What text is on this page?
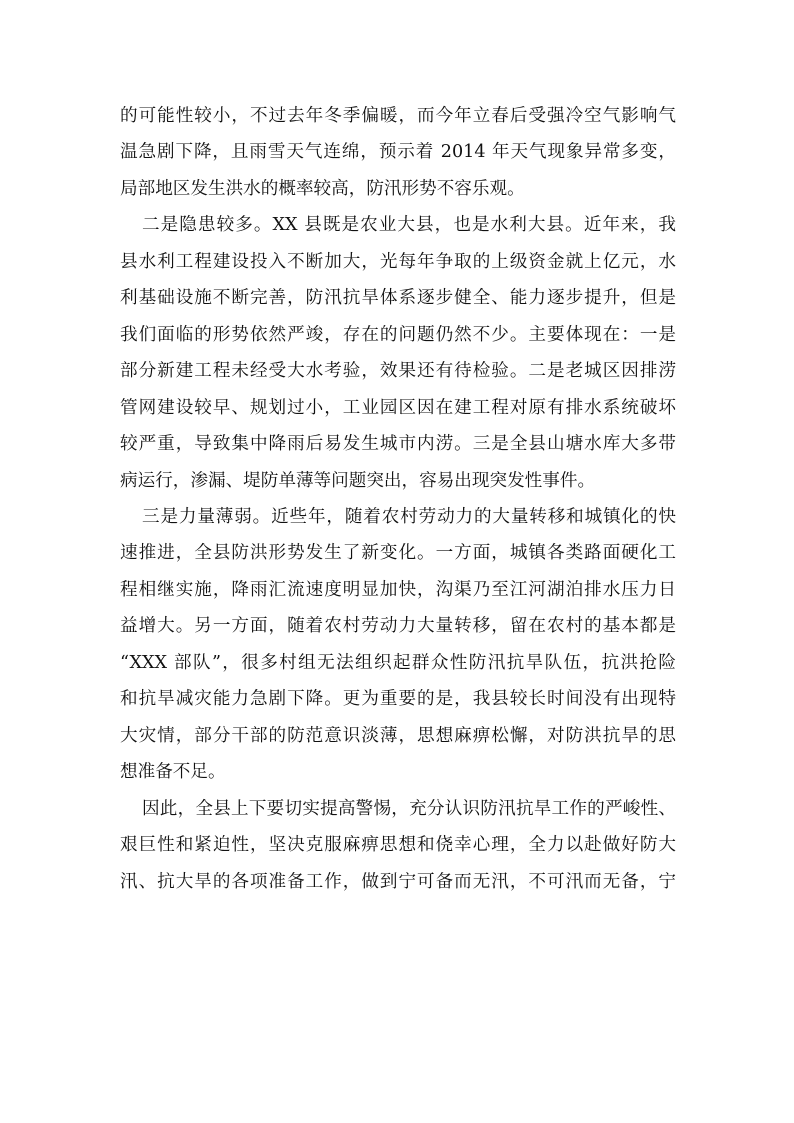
的可能性较小，不过去年冬季偏暖，而今年立春后受强冷空气影响气
温急剧下降，且雨雪天气连绵，预示着 2014 年天气现象异常多变，
局部地区发生洪水的概率较高，防汛形势不容乐观。

二是隐患较多。XX 县既是农业大县，也是水利大县。近年来，我
县水利工程建设投入不断加大，光每年争取的上级资金就上亿元，水
利基础设施不断完善，防汛抗旱体系逐步健全、能力逐步提升，但是
我们面临的形势依然严竣，存在的问题仍然不少。主要体现在：一是
部分新建工程未经受大水考验，效果还有待检验。二是老城区因排涝
管网建设较早、规划过小，工业园区因在建工程对原有排水系统破坏
较严重，导致集中降雨后易发生城市内涝。三是全县山塘水库大多带
病运行，渗漏、堤防单薄等问题突出，容易出现突发性事件。

三是力量薄弱。近些年，随着农村劳动力的大量转移和城镇化的快
速推进，全县防洪形势发生了新变化。一方面，城镇各类路面硬化工
程相继实施，降雨汇流速度明显加快，沟渠乃至江河湖泊排水压力日
益增大。另一方面，随着农村劳动力大量转移，留在农村的基本都是
“XXX 部队”，很多村组无法组织起群众性防汛抗旱队伍，抗洪抢险
和抗旱减灾能力急剧下降。更为重要的是，我县较长时间没有出现特
大灾情，部分干部的防范意识淡薄，思想麻痹松懈，对防洪抗旱的思
想准备不足。

因此，全县上下要切实提高警惕，充分认识防汛抗旱工作的严峻性、
艰巨性和紧迫性，坚决克服麻痹思想和侥幸心理，全力以赴做好防大
汛、抗大旱的各项准备工作，做到宁可备而无汛，不可汛而无备，宁
